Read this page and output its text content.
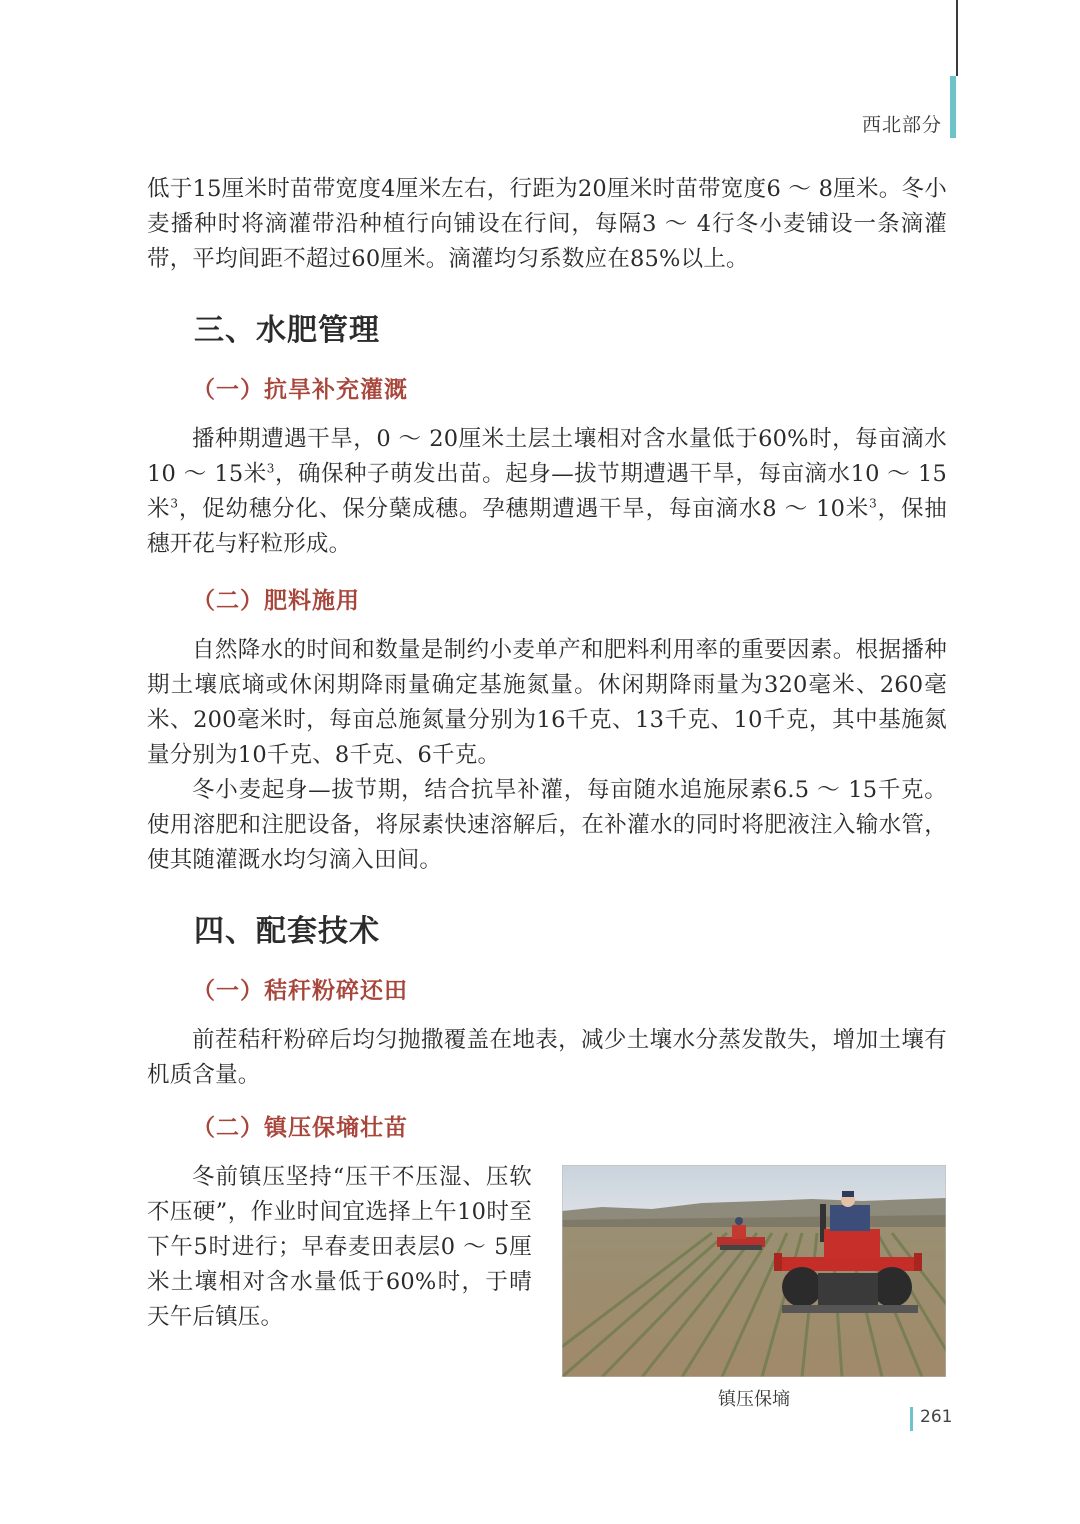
西北部分

低于15厘米时苗带宽度4厘米左右，行距为20厘米时苗带宽度6 ～ 8厘米。冬小麦播种时将滴灌带沿种植行向铺设在行间，每隔3 ～ 4行冬小麦铺设一条滴灌带，平均间距不超过60厘米。滴灌均匀系数应在85%以上。

三、水肥管理
（一）抗旱补充灌溉

播种期遭遇干旱，0 ～ 20厘米土层土壤相对含水量低于60%时，每亩滴水10 ～ 15米$^3$，确保种子萌发出苗。起身—拔节期遭遇干旱，每亩滴水10 ～ 15米$^3$，促幼穗分化、保分蘖成穗。孕穗期遭遇干旱，每亩滴水8 ～ 10米$^3$，保抽穗开花与籽粒形成。

（二）肥料施用

自然降水的时间和数量是制约小麦单产和肥料利用率的重要因素。根据播种期土壤底墒或休闲期降雨量确定基施氮量。休闲期降雨量为320毫米、260毫米、200毫米时，每亩总施氮量分别为16千克、13千克、10千克，其中基施氮量分别为10千克、8千克、6千克。

冬小麦起身—拔节期，结合抗旱补灌，每亩随水追施尿素6.5 ～ 15千克。使用溶肥和注肥设备，将尿素快速溶解后，在补灌水的同时将肥液注入输水管，使其随灌溉水均匀滴入田间。

四、配套技术
（一）秸秆粉碎还田

前茬秸秆粉碎后均匀抛撒覆盖在地表，减少土壤水分蒸发散失，增加土壤有机质含量。

（二）镇压保墒壮苗

冬前镇压坚持“压干不压湿、压软不压硬”，作业时间宜选择上午10时至下午5时进行；早春麦田表层0 ～ 5厘米土壤相对含水量低于60%时，于晴天午后镇压。

镇压保墒
261
